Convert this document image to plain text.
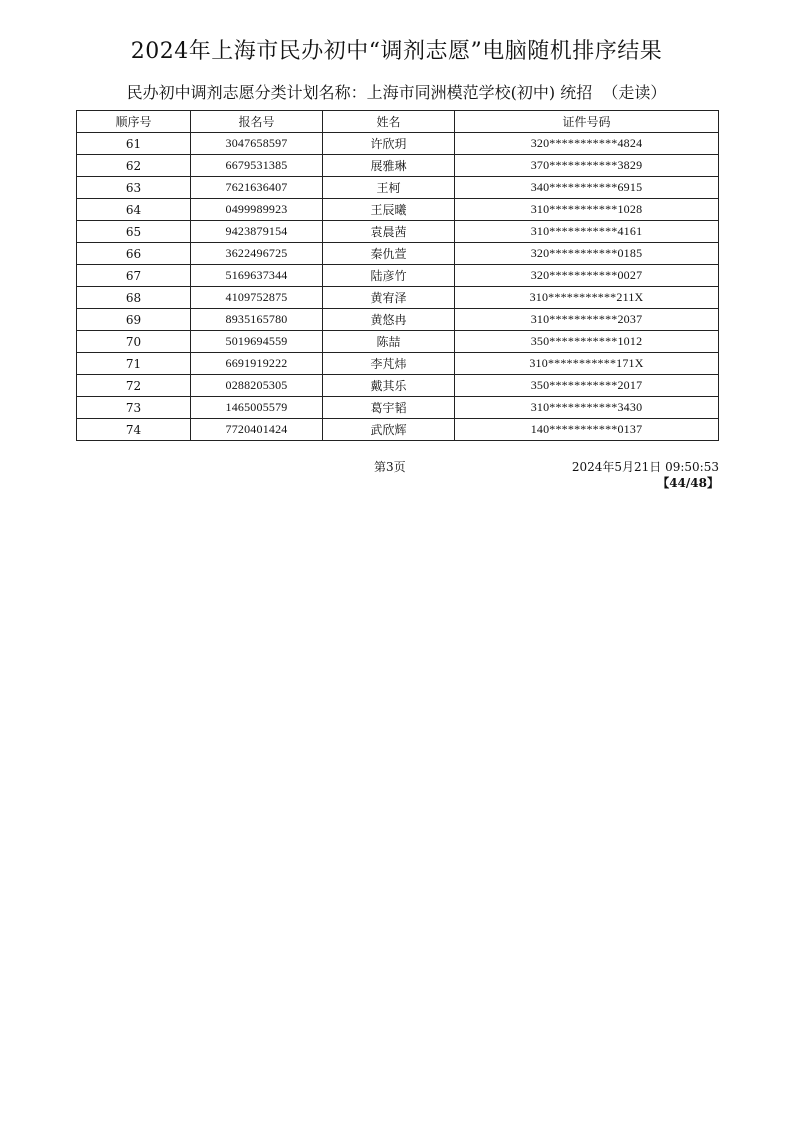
2024年上海市民办初中“调剂志愿”电脑随机排序结果
民办初中调剂志愿分类计划名称：上海市同洲模范学校(初中) 统招  （走读）
顺序号	报名号	姓名	证件号码
61	3047658597	许欣玥	320***********4824
62	6679531385	展雅琳	370***********3829
63	7621636407	王柯	340***********6915
64	0499989923	王辰曦	310***********1028
65	9423879154	袁晨茜	310***********4161
66	3622496725	秦仇萱	320***********0185
67	5169637344	陆彦竹	320***********0027
68	4109752875	黄宥泽	310***********211X
69	8935165780	黄悠冉	310***********2037
70	5019694559	陈喆	350***********1012
71	6691919222	李芃炜	310***********171X
72	0288205305	戴其乐	350***********2017
73	1465005579	葛宇韬	310***********3430
74	7720401424	武欣辉	140***********0137
第3页	2024年5月21日 09:50:53
【44/48】
